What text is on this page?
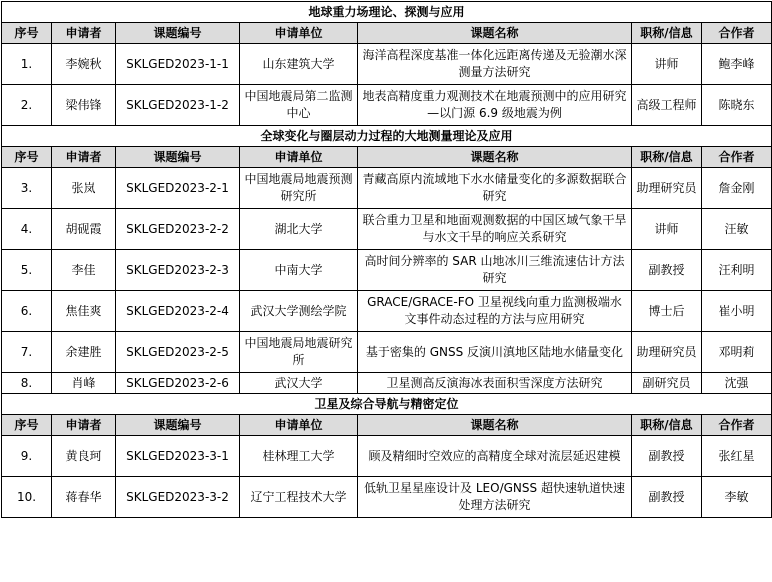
地球重力场理论、探测与应用						
序号	申请者	课题编号	申请单位	课题名称	职称/信息	合作者
1.	李婉秋	SKLGED2023-1-1	山东建筑大学	海洋高程深度基准一体化远距离传递及无验潮水深测量方法研究	讲师	鲍李峰
2.	梁伟锋	SKLGED2023-1-2	中国地震局第二监测中心	地表高精度重力观测技术在地震预测中的应用研究—以门源 6.9 级地震为例	高级工程师	陈晓东
全球变化与圈层动力过程的大地测量理论及应用						
序号	申请者	课题编号	申请单位	课题名称	职称/信息	合作者
3.	张岚	SKLGED2023-2-1	中国地震局地震预测研究所	青藏高原内流域地下水水储量变化的多源数据联合研究	助理研究员	詹金刚
4.	胡砚霞	SKLGED2023-2-2	湖北大学	联合重力卫星和地面观测数据的中国区域气象干旱与水文干旱的响应关系研究	讲师	汪敏
5.	李佳	SKLGED2023-2-3	中南大学	高时间分辨率的 SAR 山地冰川三维流速估计方法研究	副教授	汪利明
6.	焦佳爽	SKLGED2023-2-4	武汉大学测绘学院	GRACE/GRACE-FO 卫星视线向重力监测极端水文事件动态过程的方法与应用研究	博士后	崔小明
7.	余建胜	SKLGED2023-2-5	中国地震局地震研究所	基于密集的 GNSS 反演川滇地区陆地水储量变化	助理研究员	邓明莉
8.	肖峰	SKLGED2023-2-6	武汉大学	卫星测高反演海冰表面积雪深度方法研究	副研究员	沈强
卫星及综合导航与精密定位						
序号	申请者	课题编号	申请单位	课题名称	职称/信息	合作者
9.	黄良珂	SKLGED2023-3-1	桂林理工大学	顾及精细时空效应的高精度全球对流层延迟建模	副教授	张红星
10.	蒋春华	SKLGED2023-3-2	辽宁工程技术大学	低轨卫星星座设计及 LEO/GNSS 超快速轨道快速处理方法研究	副教授	李敏
